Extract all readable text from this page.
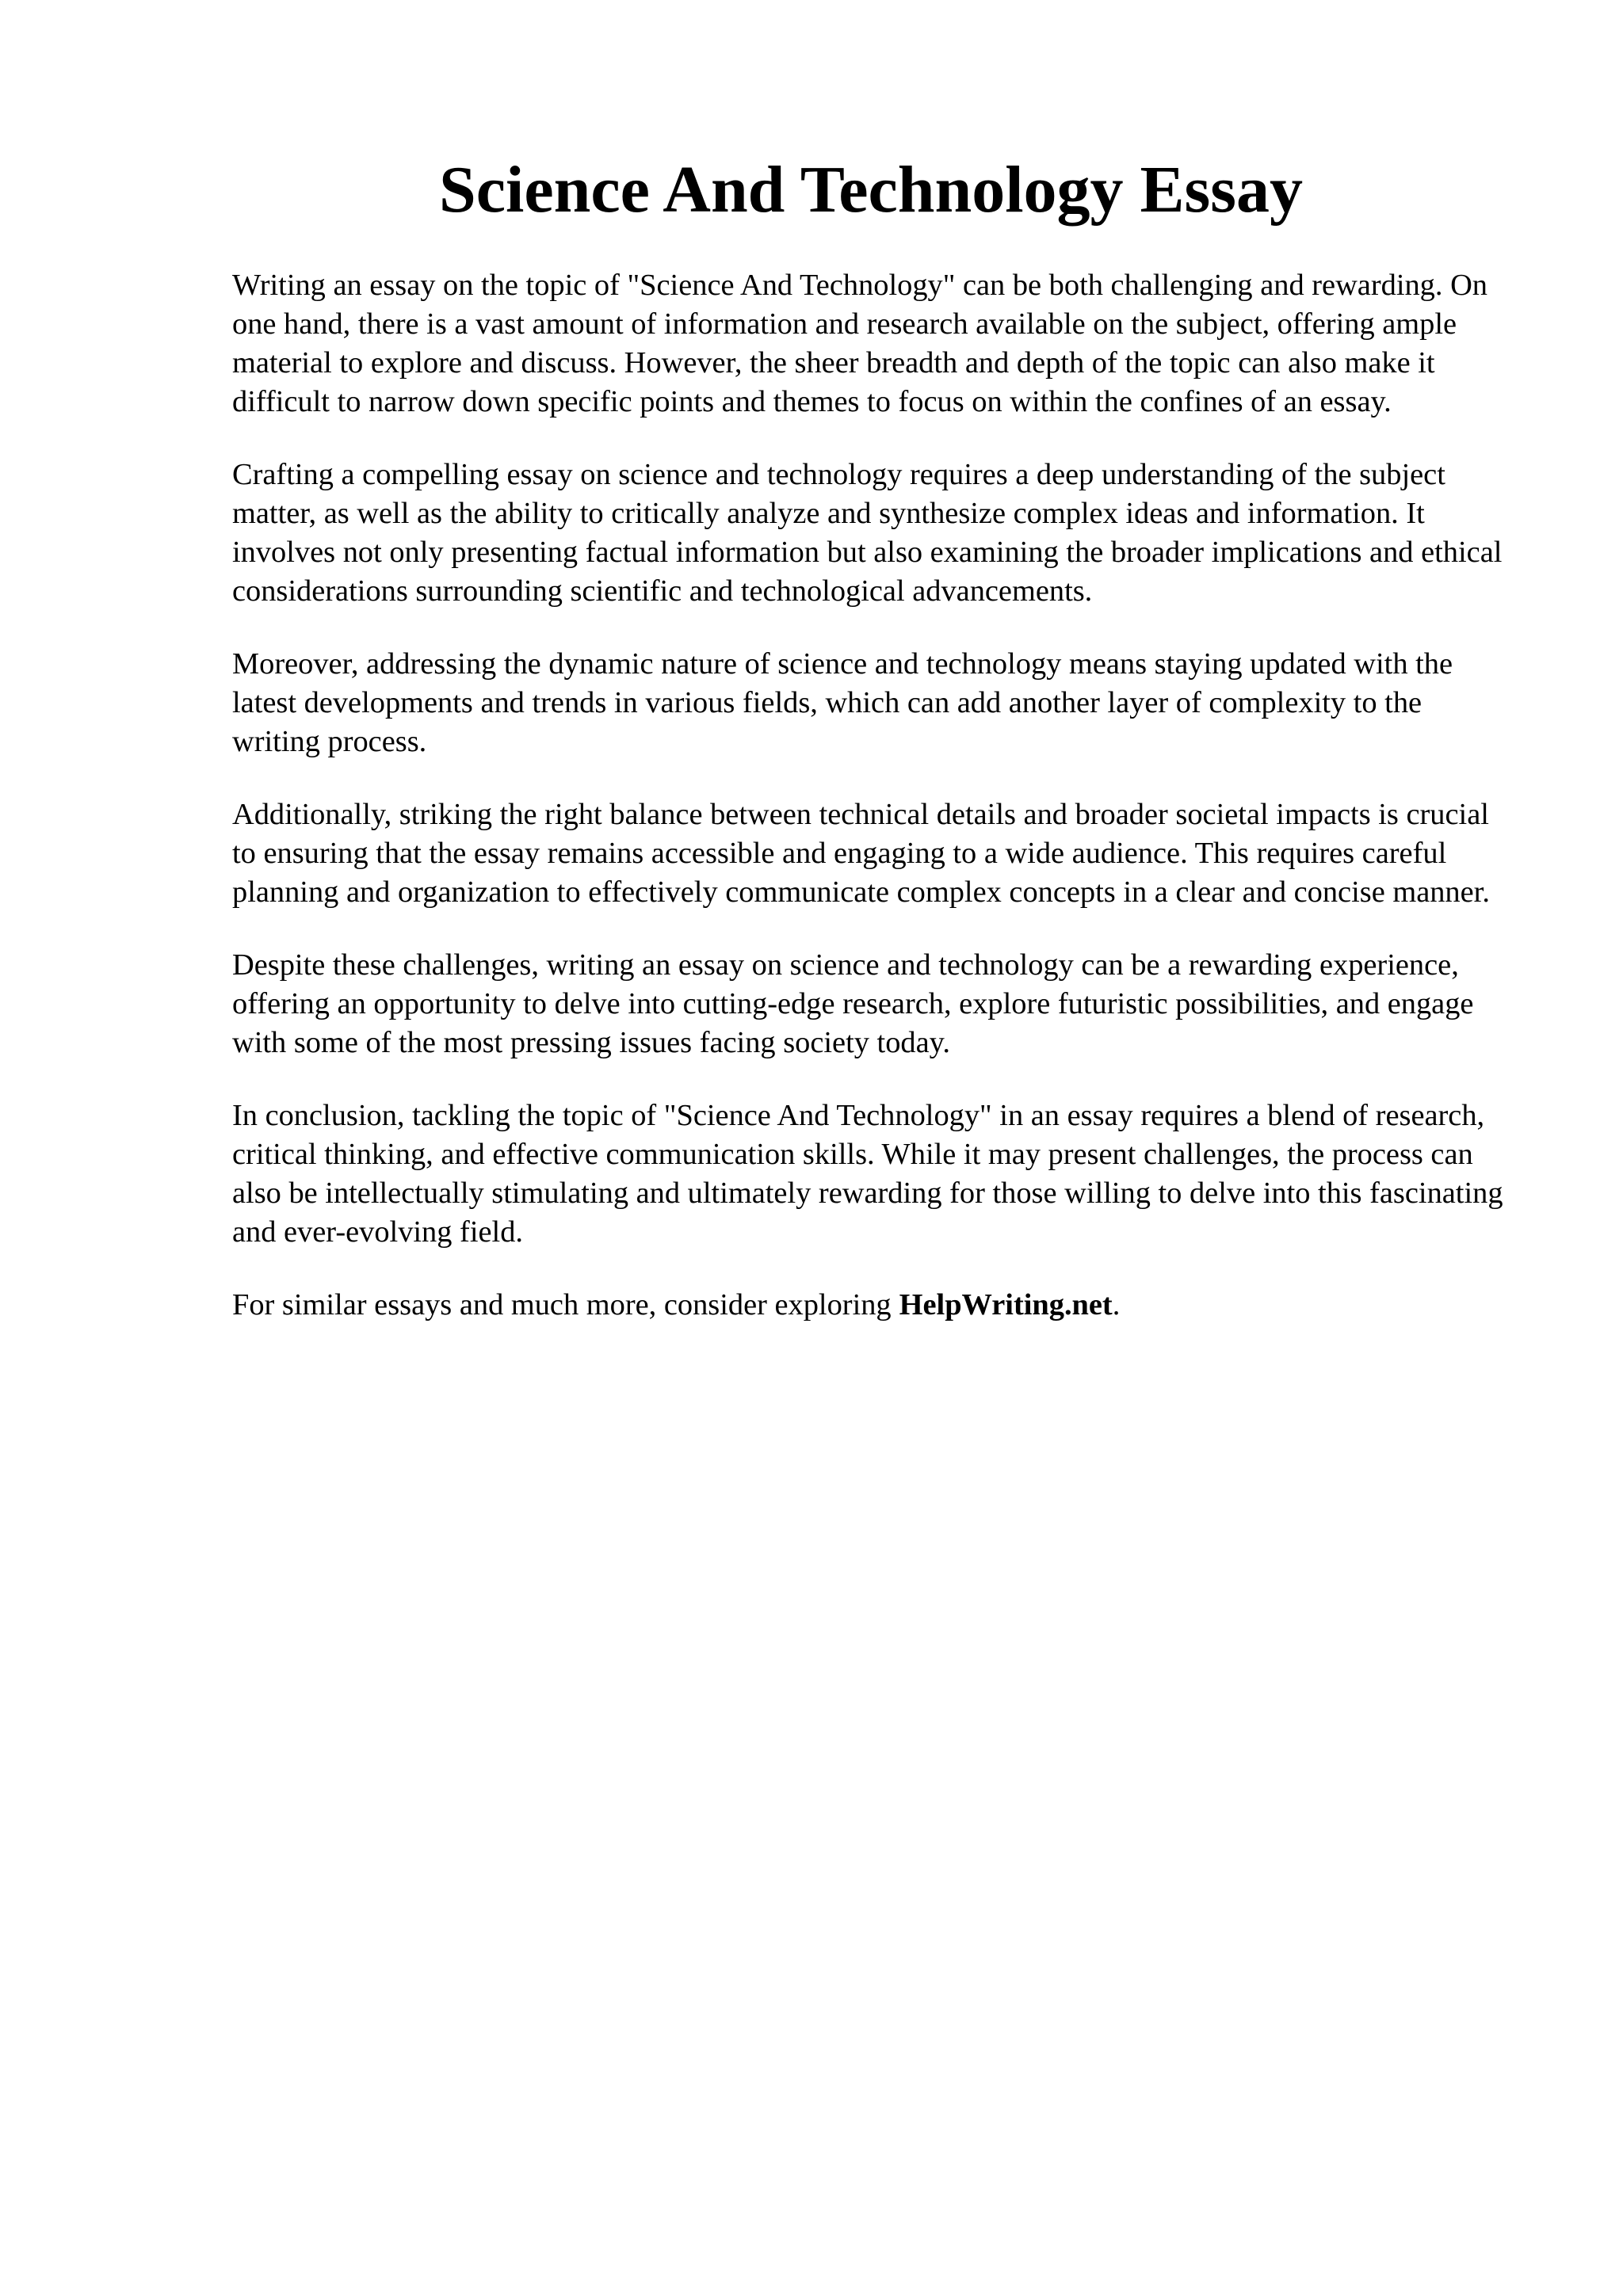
Science And Technology Essay

Writing an essay on the topic of "Science And Technology" can be both challenging and rewarding. On one hand, there is a vast amount of information and research available on the subject, offering ample material to explore and discuss. However, the sheer breadth and depth of the topic can also make it difficult to narrow down specific points and themes to focus on within the confines of an essay.

Crafting a compelling essay on science and technology requires a deep understanding of the subject matter, as well as the ability to critically analyze and synthesize complex ideas and information. It involves not only presenting factual information but also examining the broader implications and ethical considerations surrounding scientific and technological advancements.

Moreover, addressing the dynamic nature of science and technology means staying updated with the latest developments and trends in various fields, which can add another layer of complexity to the writing process.

Additionally, striking the right balance between technical details and broader societal impacts is crucial to ensuring that the essay remains accessible and engaging to a wide audience. This requires careful planning and organization to effectively communicate complex concepts in a clear and concise manner.

Despite these challenges, writing an essay on science and technology can be a rewarding experience, offering an opportunity to delve into cutting-edge research, explore futuristic possibilities, and engage with some of the most pressing issues facing society today.

In conclusion, tackling the topic of "Science And Technology" in an essay requires a blend of research, critical thinking, and effective communication skills. While it may present challenges, the process can also be intellectually stimulating and ultimately rewarding for those willing to delve into this fascinating and ever-evolving field.

For similar essays and much more, consider exploring HelpWriting.net.
